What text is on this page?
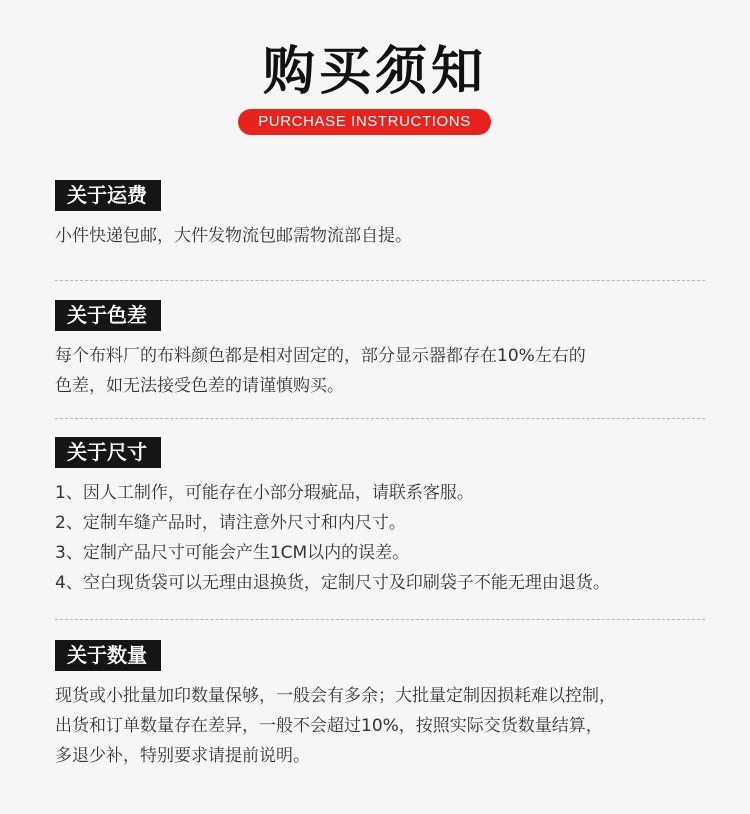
购买须知
PURCHASE INSTRUCTIONS
关于运费

小件快递包邮，大件发物流包邮需物流部自提。

关于色差

每个布料厂的布料颜色都是相对固定的，部分显示器都存在10%左右的

色差，如无法接受色差的请谨慎购买。

关于尺寸

1、因人工制作，可能存在小部分瑕疵品，请联系客服。

2、定制车缝产品时，请注意外尺寸和内尺寸。

3、定制产品尺寸可能会产生1CM以内的误差。

4、空白现货袋可以无理由退换货，定制尺寸及印刷袋子不能无理由退货。

关于数量

现货或小批量加印数量保够，一般会有多余；大批量定制因损耗难以控制，

出货和订单数量存在差异，一般不会超过10%，按照实际交货数量结算，

多退少补，特别要求请提前说明。
